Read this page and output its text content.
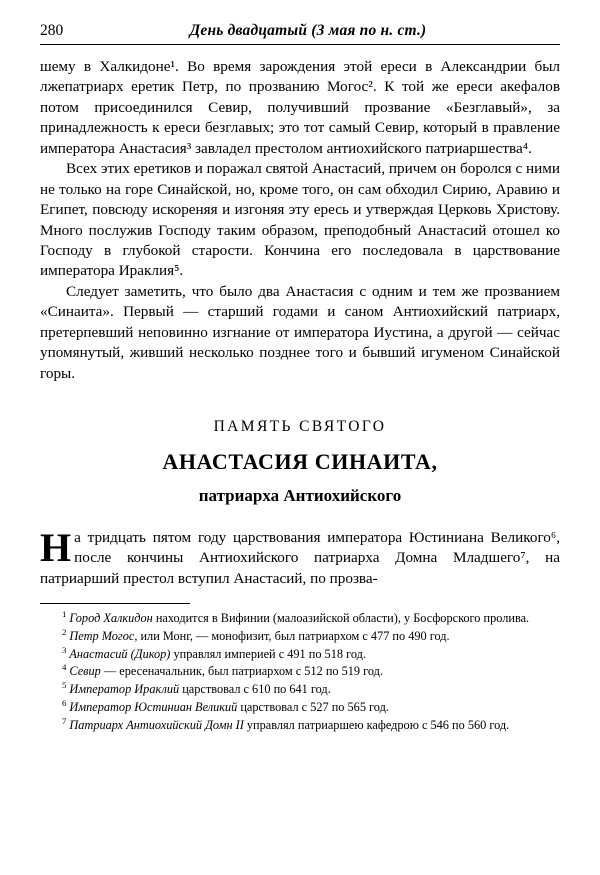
280	День двадцатый (3 мая по н. ст.)

шему в Халкидоне¹. Во время зарождения этой ереси в Александрии был лжепатриарх еретик Петр, по прозванию Могос². К той же ереси акефалов потом присоединился Севир, получивший прозвание «Безглавый», за принадлежность к ереси безглавых; это тот самый Севир, который в правление императора Анастасия³ завладел престолом антиохийского патриаршества⁴.

Всех этих еретиков и поражал святой Анастасий, причем он боролся с ними не только на горе Синайской, но, кроме того, он сам обходил Сирию, Аравию и Египет, повсюду искореняя и изгоняя эту ересь и утверждая Церковь Христову. Много послужив Господу таким образом, преподобный Анастасий отошел ко Господу в глубокой старости. Кончина его последовала в царствование императора Ираклия⁵.

Следует заметить, что было два Анастасия с одним и тем же прозванием «Синаита». Первый — старший годами и саном Антиохийский патриарх, претерпевший неповинно изгнание от императора Иустина, а другой — сейчас упомянутый, живший несколько позднее того и бывший игуменом Синайской горы.

ПАМЯТЬ СВЯТОГО
АНАСТАСИЯ СИНАИТА,
патриарха Антиохийского

На тридцать пятом году царствования императора Юстиниана Великого⁶, после кончины Антиохийского патриарха Домна Младшего⁷, на патриарший престол вступил Анастасий, по прозва-

$^1$ Город Халкидон находится в Вифинии (малоазийской области), у Босфорского пролива.

$^2$ Петр Могос, или Монг, — монофизит, был патриархом с 477 по 490 год.

$^3$ Анастасий (Дикор) управлял империей с 491 по 518 год.

$^4$ Севир — ересеначальник, был патриархом с 512 по 519 год.

$^5$ Император Ираклий царствовал с 610 по 641 год.

$^6$ Император Юстиниан Великий царствовал с 527 по 565 год.

$^7$ Патриарх Антиохийский Домн II управлял патриаршею кафедрою с 546 по 560 год.
